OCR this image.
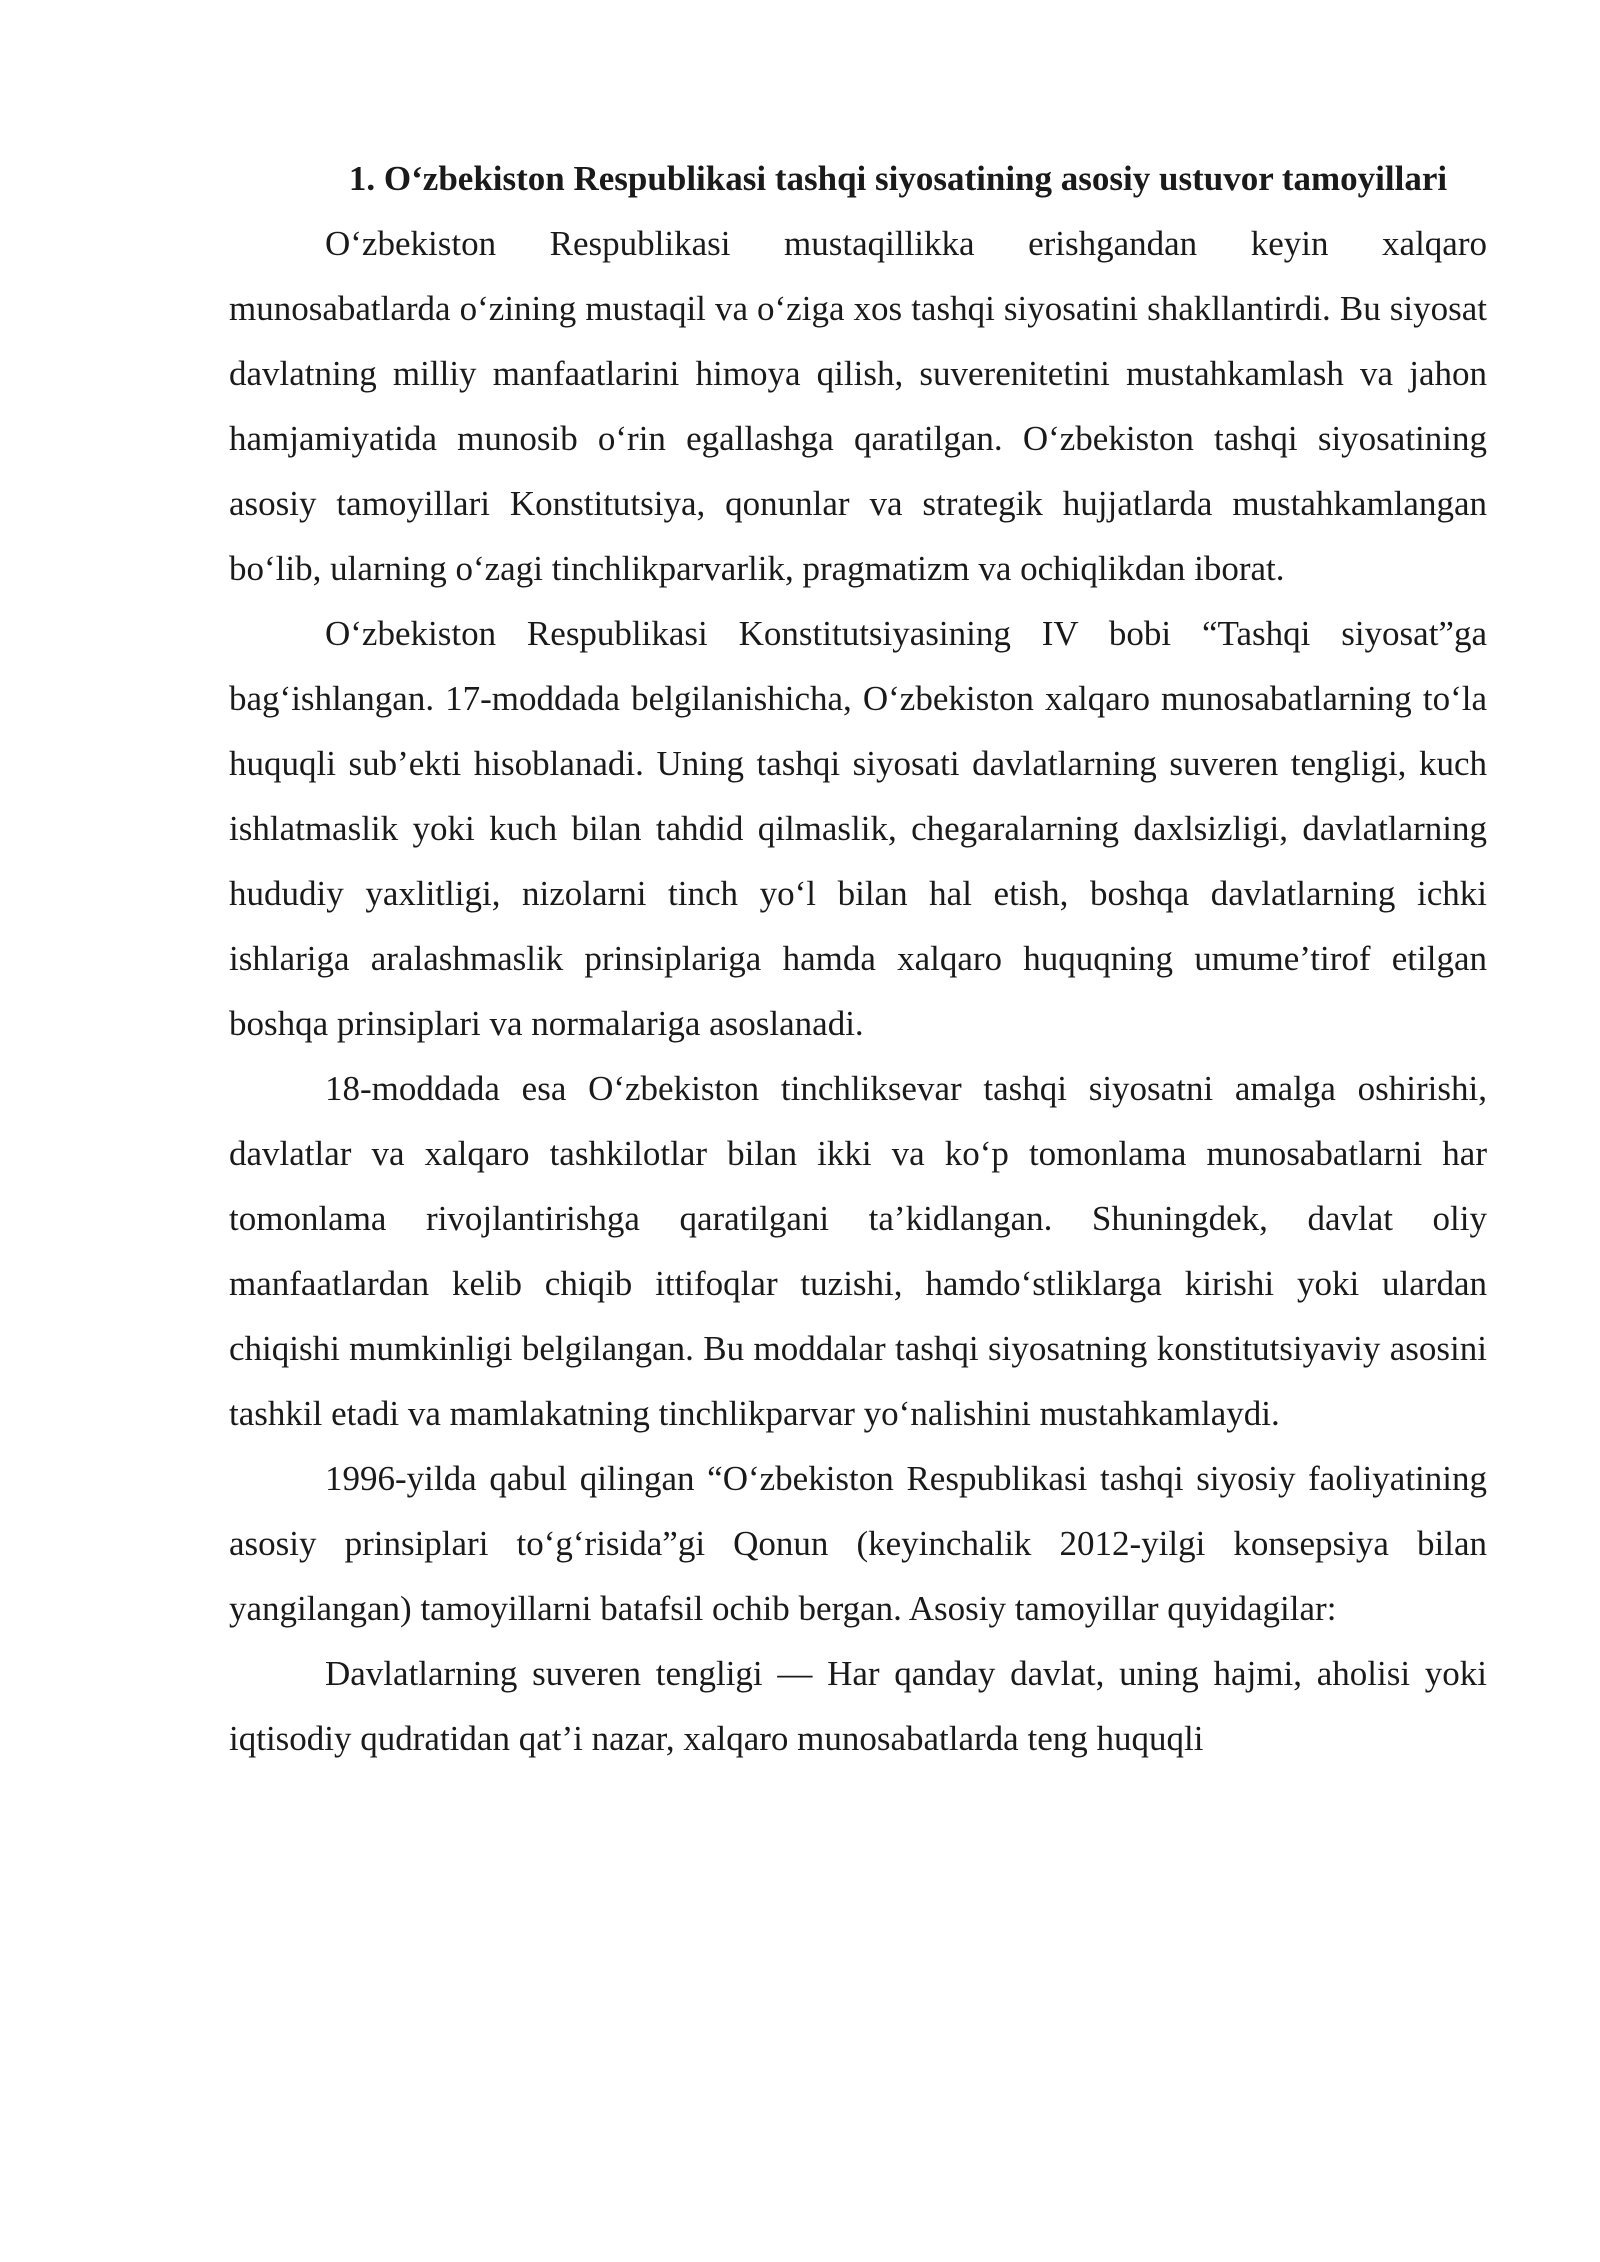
1. O‘zbekiston Respublikasi tashqi siyosatining asosiy ustuvor tamoyillari

O‘zbekiston Respublikasi mustaqillikka erishgandan keyin xalqaro munosabatlarda o‘zining mustaqil va o‘ziga xos tashqi siyosatini shakllantirdi. Bu siyosat davlatning milliy manfaatlarini himoya qilish, suverenitetini mustahkamlash va jahon hamjamiyatida munosib o‘rin egallashga qaratilgan. O‘zbekiston tashqi siyosatining asosiy tamoyillari Konstitutsiya, qonunlar va strategik hujjatlarda mustahkamlangan bo‘lib, ularning o‘zagi tinchlikparvarlik, pragmatizm va ochiqlikdan iborat.

O‘zbekiston Respublikasi Konstitutsiyasining IV bobi “Tashqi siyosat”ga bag‘ishlangan. 17-moddada belgilanishicha, O‘zbekiston xalqaro munosabatlarning to‘la huquqli sub’ekti hisoblanadi. Uning tashqi siyosati davlatlarning suveren tengligi, kuch ishlatmaslik yoki kuch bilan tahdid qilmaslik, chegaralarning daxlsizligi, davlatlarning hududiy yaxlitligi, nizolarni tinch yo‘l bilan hal etish, boshqa davlatlarning ichki ishlariga aralashmaslik prinsiplariga hamda xalqaro huquqning umume’tirof etilgan boshqa prinsiplari va normalariga asoslanadi.

18-moddada esa O‘zbekiston tinchliksevar tashqi siyosatni amalga oshirishi, davlatlar va xalqaro tashkilotlar bilan ikki va ko‘p tomonlama munosabatlarni har tomonlama rivojlantirishga qaratilgani ta’kidlangan. Shuningdek, davlat oliy manfaatlardan kelib chiqib ittifoqlar tuzishi, hamdo‘stliklarga kirishi yoki ulardan chiqishi mumkinligi belgilangan. Bu moddalar tashqi siyosatning konstitutsiyaviy asosini tashkil etadi va mamlakatning tinchlikparvar yo‘nalishini mustahkamlaydi.

1996-yilda qabul qilingan “O‘zbekiston Respublikasi tashqi siyosiy faoliyatining asosiy prinsiplari to‘g‘risida”gi Qonun (keyinchalik 2012-yilgi konsepsiya bilan yangilangan) tamoyillarni batafsil ochib bergan. Asosiy tamoyillar quyidagilar:

Davlatlarning suveren tengligi — Har qanday davlat, uning hajmi, aholisi yoki iqtisodiy qudratidan qat’i nazar, xalqaro munosabatlarda teng huquqli
